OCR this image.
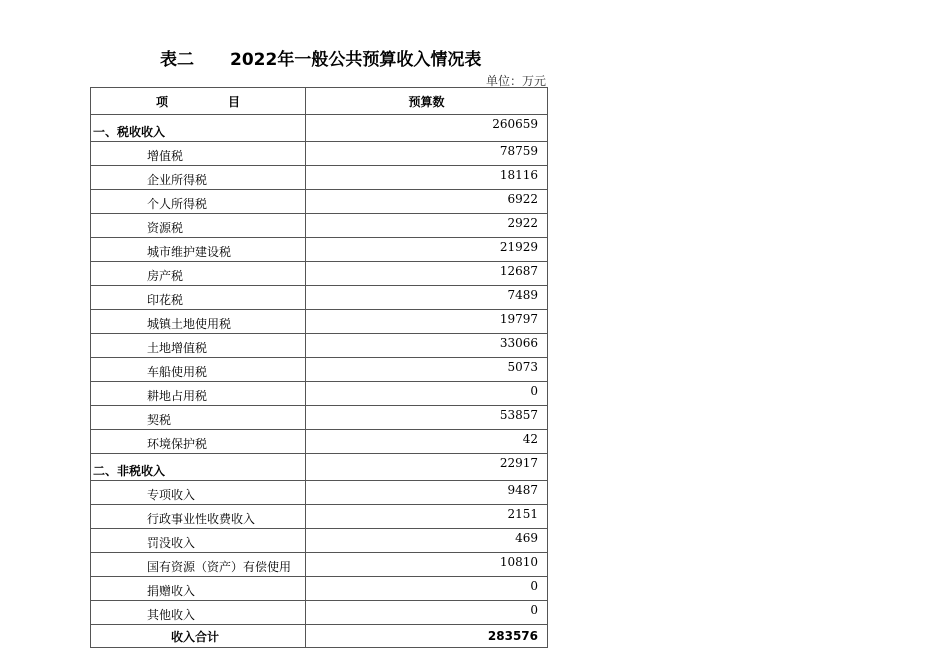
表二 2022年一般公共预算收入情况表
单位：万元
项 目	预算数
一、税收收入	260659
增值税	78759
企业所得税	18116
个人所得税	6922
资源税	2922
城市维护建设税	21929
房产税	12687
印花税	7489
城镇土地使用税	19797
土地增值税	33066
车船使用税	5073
耕地占用税	0
契税	53857
环境保护税	42
二、非税收入	22917
专项收入	9487
行政事业性收费收入	2151
罚没收入	469
国有资源（资产）有偿使用	10810
捐赠收入	0
其他收入	0
收入合计	283576
